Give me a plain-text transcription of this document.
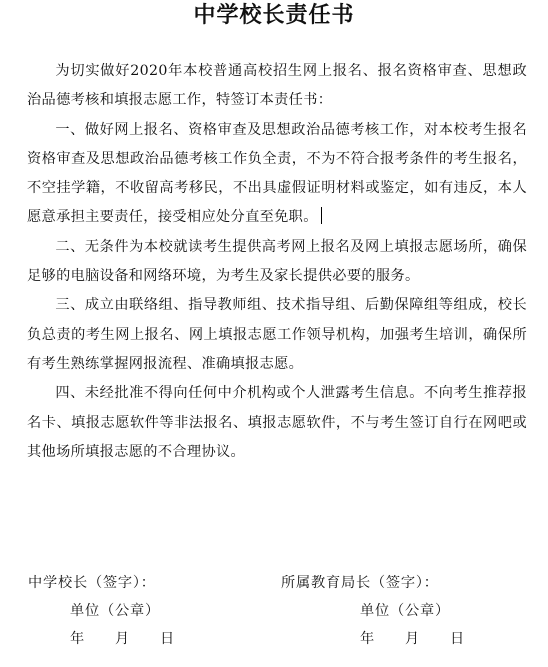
中学校长责任书

为切实做好2020年本校普通高校招生网上报名、报名资格审查、思想政治品德考核和填报志愿工作，特签订本责任书：

一、做好网上报名、资格审查及思想政治品德考核工作，对本校考生报名资格审查及思想政治品德考核工作负全责，不为不符合报考条件的考生报名，不空挂学籍，不收留高考移民，不出具虚假证明材料或鉴定，如有违反，本人愿意承担主要责任，接受相应处分直至免职。

二、无条件为本校就读考生提供高考网上报名及网上填报志愿场所，确保足够的电脑设备和网络环境，为考生及家长提供必要的服务。

三、成立由联络组、指导教师组、技术指导组、后勤保障组等组成，校长负总责的考生网上报名、网上填报志愿工作领导机构，加强考生培训，确保所有考生熟练掌握网报流程、准确填报志愿。

四、未经批准不得向任何中介机构或个人泄露考生信息。不向考生推荐报名卡、填报志愿软件等非法报名、填报志愿软件，不与考生签订自行在网吧或其他场所填报志愿的不合理协议。

中学校长（签字）：
单位（公章）
年 月 日
所属教育局长（签字）：
单位（公章）
年 月 日
